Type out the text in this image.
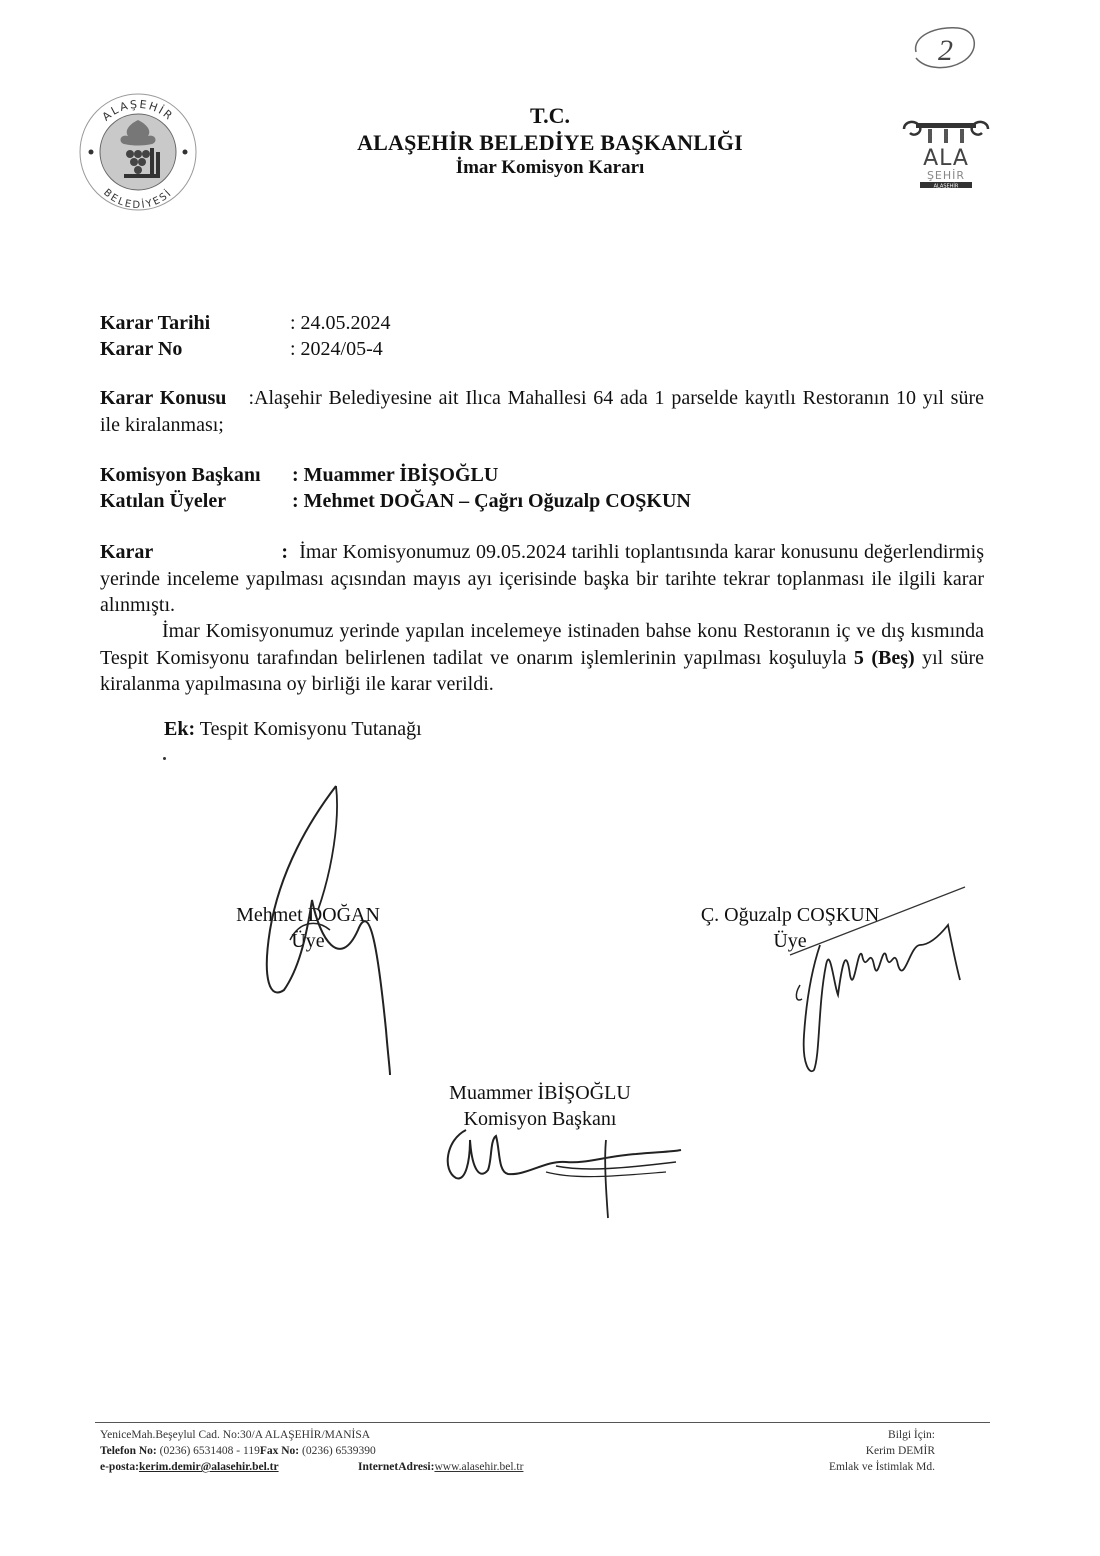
2
ALAŞEHİR
BELEDİYESİ
ALA
ŞEHİR
ALAŞEHİR
T.C.
ALAŞEHİR BELEDİYE BAŞKANLIĞI
İmar Komisyon Kararı
Karar Tarihi	: 24.05.2024
Karar No	: 2024/05-4
Karar Konusu :Alaşehir Belediyesine ait Ilıca Mahallesi 64 ada 1 parselde kayıtlı Restoranın 10 yıl süre ile kiralanması;
Komisyon Başkanı : Muammer İBİŞOĞLU
Katılan Üyeler	: Mehmet DOĞAN – Çağrı Oğuzalp COŞKUN
Karar	: İmar Komisyonumuz 09.05.2024 tarihli toplantısında karar konusunu değerlendirmiş yerinde inceleme yapılması açısından mayıs ayı içerisinde başka bir tarihte tekrar toplanması ile ilgili karar alınmıştı.
İmar Komisyonumuz yerinde yapılan incelemeye istinaden bahse konu Restoranın iç ve dış kısmında Tespit Komisyonu tarafından belirlenen tadilat ve onarım işlemlerinin yapılması koşuluyla 5 (Beş) yıl süre kiralanma yapılmasına oy birliği ile karar verildi.
Ek: Tespit Komisyonu Tutanağı
Mehmet DOĞAN
Üye
Ç. Oğuzalp COŞKUN
Üye
Muammer İBİŞOĞLU
Komisyon Başkanı
YeniceMah.Beşeylul Cad. No:30/A ALAŞEHİR/MANİSA
Telefon No: (0236) 6531408 - 119Fax No: (0236) 6539390
e-posta:kerim.demir@alasehir.bel.tr	InternetAdresi:www.alasehir.bel.tr
Bilgi İçin:
Kerim DEMİR
Emlak ve İstimlak Md.
